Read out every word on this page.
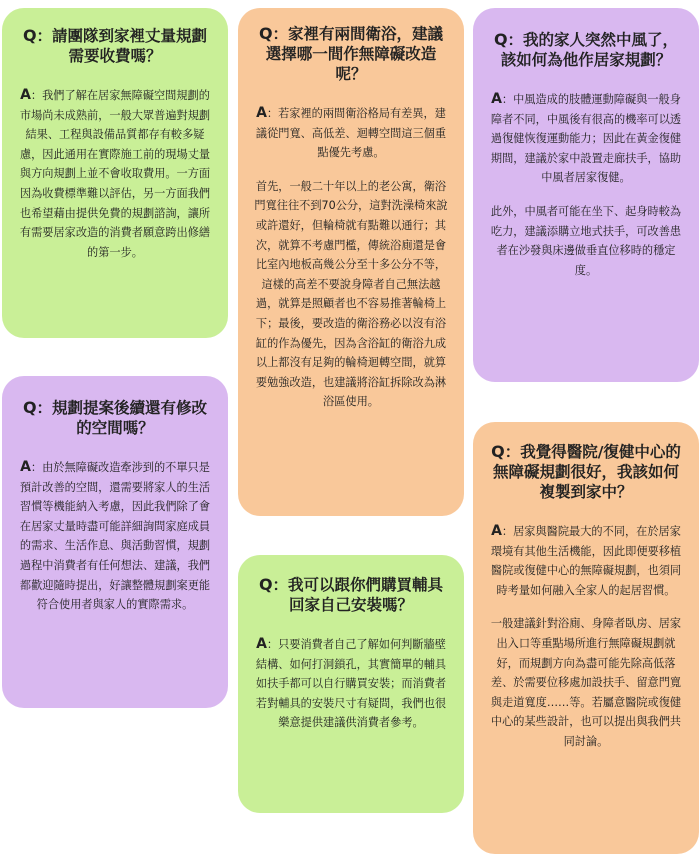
Q：請團隊到家裡丈量規劃需要收費嗎？
A：我們了解在居家無障礙空間規劃的市場尚未成熟前，一般大眾普遍對規劃結果、工程與設備品質都存有較多疑慮，因此通用在實際施工前的現場丈量與方向規劃上並不會收取費用。一方面因為收費標準難以評估，另一方面我們也希望藉由提供免費的規劃諮詢，讓所有需要居家改造的消費者願意跨出修繕的第一步。
Q：家裡有兩間衛浴，建議選擇哪一間作無障礙改造呢？
A：若家裡的兩間衛浴格局有差異，建議從門寬、高低差、迴轉空間這三個重點優先考慮。
首先，一般二十年以上的老公寓，衛浴門寬往往不到70公分，這對洗澡椅來說或許還好，但輪椅就有點難以通行；其次，就算不考慮門檻，傳統浴廁還是會比室內地板高幾公分至十多公分不等，這樣的高差不要說身障者自己無法越過，就算是照顧者也不容易推著輪椅上下；最後，要改造的衛浴務必以沒有浴缸的作為優先，因為含浴缸的衛浴九成以上都沒有足夠的輪椅迴轉空間，就算要勉強改造，也建議將浴缸拆除改為淋浴區使用。
Q：我的家人突然中風了，該如何為他作居家規劃？
A：中風造成的肢體運動障礙與一般身障者不同，中風後有很高的機率可以透過復健恢復運動能力；因此在黃金復健期間，建議於家中設置走廊扶手，協助中風者居家復健。
此外，中風者可能在坐下、起身時較為吃力，建議添購立地式扶手，可改善患者在沙發與床邊做垂直位移時的穩定度。
Q：規劃提案後續還有修改的空間嗎？
A：由於無障礙改造牽涉到的不單只是預計改善的空間，還需要將家人的生活習慣等機能納入考慮，因此我們除了會在居家丈量時盡可能詳細詢問家庭成員的需求、生活作息、與活動習慣，規劃過程中消費者有任何想法、建議，我們都歡迎隨時提出，好讓整體規劃案更能符合使用者與家人的實際需求。
Q：我可以跟你們購買輔具回家自己安裝嗎？
A：只要消費者自己了解如何判斷牆壁結構、如何打洞鎖孔，其實簡單的輔具如扶手都可以自行購買安裝；而消費者若對輔具的安裝尺寸有疑問，我們也很樂意提供建議供消費者參考。
Q：我覺得醫院/復健中心的無障礙規劃很好，我該如何複製到家中？
A：居家與醫院最大的不同，在於居家環境有其他生活機能，因此即便要移植醫院或復健中心的無障礙規劃，也須同時考量如何融入全家人的起居習慣。
一般建議針對浴廁、身障者臥房、居家出入口等重點場所進行無障礙規劃就好，而規劃方向為盡可能先除高低落差、於需要位移處加設扶手、留意門寬與走道寬度……等。若屬意醫院或復健中心的某些設計，也可以提出與我們共同討論。
